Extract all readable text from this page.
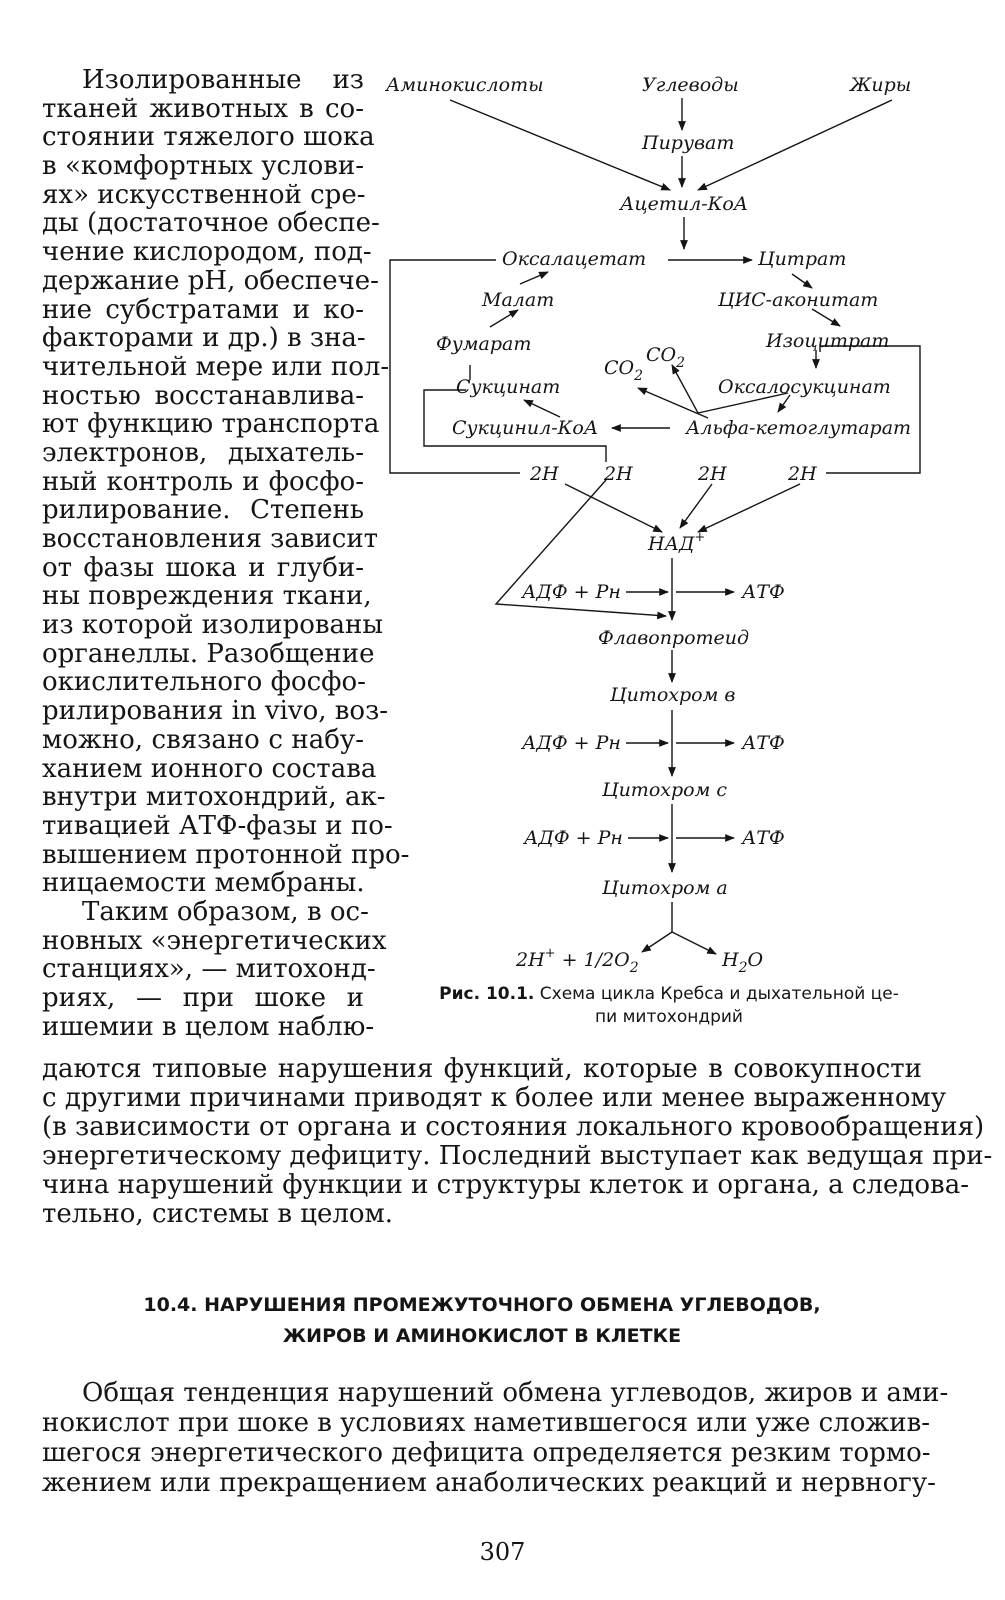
Изолированные из
тканей животных в со-
стоянии тяжелого шока
в «комфортных услови-
ях» искусственной сре-
ды (достаточное обеспе-
чение кислородом, под-
держание pH, обеспече-
ние субстратами и ко-
факторами и др.) в зна-
чительной мере или пол-
ностью восстанавлива-
ют функцию транспорта
электронов, дыхатель-
ный контроль и фосфо-
рилирование. Степень
восстановления зависит
от фазы шока и глуби-
ны повреждения ткани,
из которой изолированы
органеллы. Разобщение
окислительного фосфо-
рилирования in vivo, воз-
можно, связано с набу-
ханием ионного состава
внутри митохондрий, ак-
тивацией АТФ-фазы и по-
вышением протонной про-
ницаемости мембраны.
Таким образом, в ос-
новных «энергетических
станциях», — митохонд-
риях, — при шоке и
ишемии в целом наблю-
Аминокислоты	Углеводы	Жиры
Пируват
Ацетил-КоА
Оксалацетат	Цитрат
Малат	ЦИС-аконитат
Фумарат	Изоцитрат
$CO_2$
$CO_2$
Сукцинат	Оксалосукцинат
Сукцинил-КоА	Альфа-кетоглутарат
2H 2H	2H	2H
НАД+
АДФ + Рн	АТФ
Флавопротеид
Цитохром в
АДФ + Рн	АТФ
Цитохром с
АДФ + Рн	АТФ
Цитохром а
$2H^+ + 1/2O_2$	$H_2O$
Рис. 10.1. Схема цикла Кребса и дыхательной це-
пи митохондрий
даются типовые нарушения функций, которые в совокупности
с другими причинами приводят к более или менее выраженному
(в зависимости от органа и состояния локального кровообращения)
энергетическому дефициту. Последний выступает как ведущая при-
чина нарушений функции и структуры клеток и органа, а следова-
тельно, системы в целом.
10.4. НАРУШЕНИЯ ПРОМЕЖУТОЧНОГО ОБМЕНА УГЛЕВОДОВ,
ЖИРОВ И АМИНОКИСЛОТ В КЛЕТКЕ
Общая тенденция нарушений обмена углеводов, жиров и ами-
нокислот при шоке в условиях наметившегося или уже сложив-
шегося энергетического дефицита определяется резким тормо-
жением или прекращением анаболических реакций и нервногу-
307
